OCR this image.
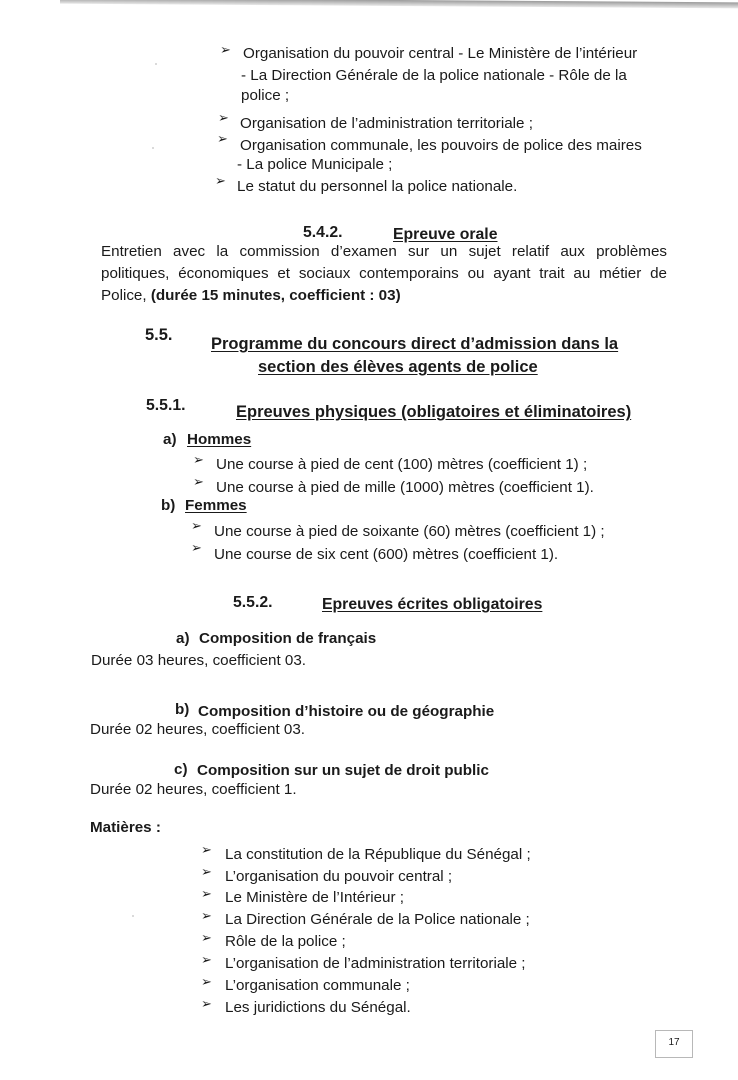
➢ Organisation du pouvoir central - Le Ministère de l’intérieur
- La Direction Générale de la police nationale - Rôle de la
police ;
➢ Organisation de l’administration territoriale ;
➢ Organisation communale, les pouvoirs de police des maires
- La police Municipale ;
➢ Le statut du personnel la police nationale.
5.4.2.	Epreuve orale
Entretien avec la commission d’examen sur un sujet relatif aux problèmes
politiques, économiques et sociaux contemporains ou ayant trait au métier de
Police, (durée 15 minutes, coefficient : 03)
5.5. Programme du concours direct d’admission dans la
section des élèves agents de police
5.5.1.	Epreuves physiques (obligatoires et éliminatoires)
a) Hommes
➢ Une course à pied de cent (100) mètres (coefficient 1) ;
➢ Une course à pied de mille (1000) mètres (coefficient 1).
b) Femmes
➢ Une course à pied de soixante (60) mètres (coefficient 1) ;
➢ Une course de six cent (600) mètres (coefficient 1).
5.5.2.	Epreuves écrites obligatoires
a) Composition de français
Durée 03 heures, coefficient 03.
b) Composition d’histoire ou de géographie
Durée 02 heures, coefficient 03.
c) Composition sur un sujet de droit public
Durée 02 heures, coefficient 1.
Matières :
➢ La constitution de la République du Sénégal ;
➢ L’organisation du pouvoir central ;
➢ Le Ministère de l’Intérieur ;
➢ La Direction Générale de la Police nationale ;
➢ Rôle de la police ;
➢ L’organisation de l’administration territoriale ;
➢ L’organisation communale ;
➢ Les juridictions du Sénégal.
17
